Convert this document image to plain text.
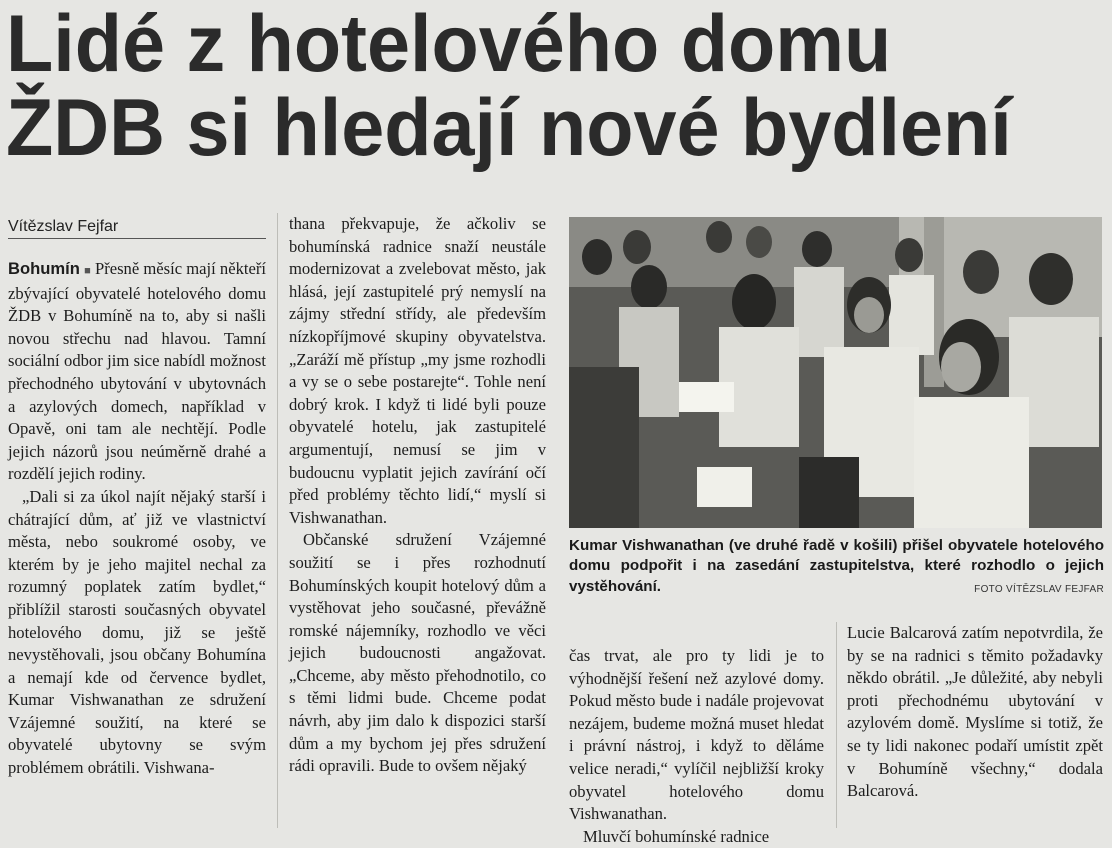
Lidé z hotelového domu
ŽDB si hledají nové bydlení
Vítězslav Fejfar

Bohumín ■ Přesně měsíc mají někteří zbývající obyvatelé hotelového domu ŽDB v Bohumíně na to, aby si našli novou střechu nad hlavou. Tamní sociální odbor jim sice nabídl možnost přechodného ubytování v ubytovnách a azylových domech, například v Opavě, oni tam ale nechtějí. Podle jejich názorů jsou neúměrně drahé a rozdělí jejich rodiny.

„Dali si za úkol najít nějaký starší i chátrající dům, ať již ve vlastnictví města, nebo soukromé osoby, ve kterém by je jeho majitel nechal za rozumný poplatek zatím bydlet,“ přiblížil starosti současných obyvatel hotelového domu, již se ještě nevystěhovali, jsou občany Bohumína a nemají kde od července bydlet, Kumar Vishwanathan ze sdružení Vzájemné soužití, na které se obyvatelé ubytovny se svým problémem obrátili. Vishwana-

thana překvapuje, že ačkoliv se bohumínská radnice snaží neustále modernizovat a zvelebovat město, jak hlásá, její zastupitelé prý nemyslí na zájmy střední střídy, ale především nízkopříjmové skupiny obyvatelstva. „Zaráží mě přístup „my jsme rozhodli a vy se o sebe postarejte“. Tohle není dobrý krok. I když ti lidé byli pouze obyvatelé hotelu, jak zastupitelé argumentují, nemusí se jim v budoucnu vyplatit jejich zavírání očí před problémy těchto lidí,“ myslí si Vishwanathan.

Občanské sdružení Vzájemné soužití se i přes rozhodnutí Bohumínských koupit hotelový dům a vystěhovat jeho současné, převážně romské nájemníky, rozhodlo ve věci jejich budoucnosti angažovat. „Chceme, aby město přehodnotilo, co s těmi lidmi bude. Chceme podat návrh, aby jim dalo k dispozici starší dům a my bychom jej přes sdružení rádi opravili. Bude to ovšem nějaký

Kumar Vishwanathan (ve druhé řadě v košili) přišel obyvatele hotelového domu podpořit i na zasedání zastupitelstva, které rozhodlo o jejich vystěhování.	FOTO VÍTĚZSLAV FEJFAR

čas trvat, ale pro ty lidi je to výhodnější řešení než azylové domy. Pokud město bude i nadále projevovat nezájem, budeme možná muset hledat i právní nástroj, i když to děláme velice neradi,“ vylíčil nejbližší kroky obyvatel hotelového domu Vishwanathan.

Mluvčí bohumínské radnice

Lucie Balcarová zatím nepotvrdila, že by se na radnici s těmito požadavky někdo obrátil. „Je důležité, aby nebyli proti přechodnému ubytování v azylovém domě. Myslíme si totiž, že se ty lidi nakonec podaří umístit zpět v Bohumíně všechny,“ dodala Balcarová.
